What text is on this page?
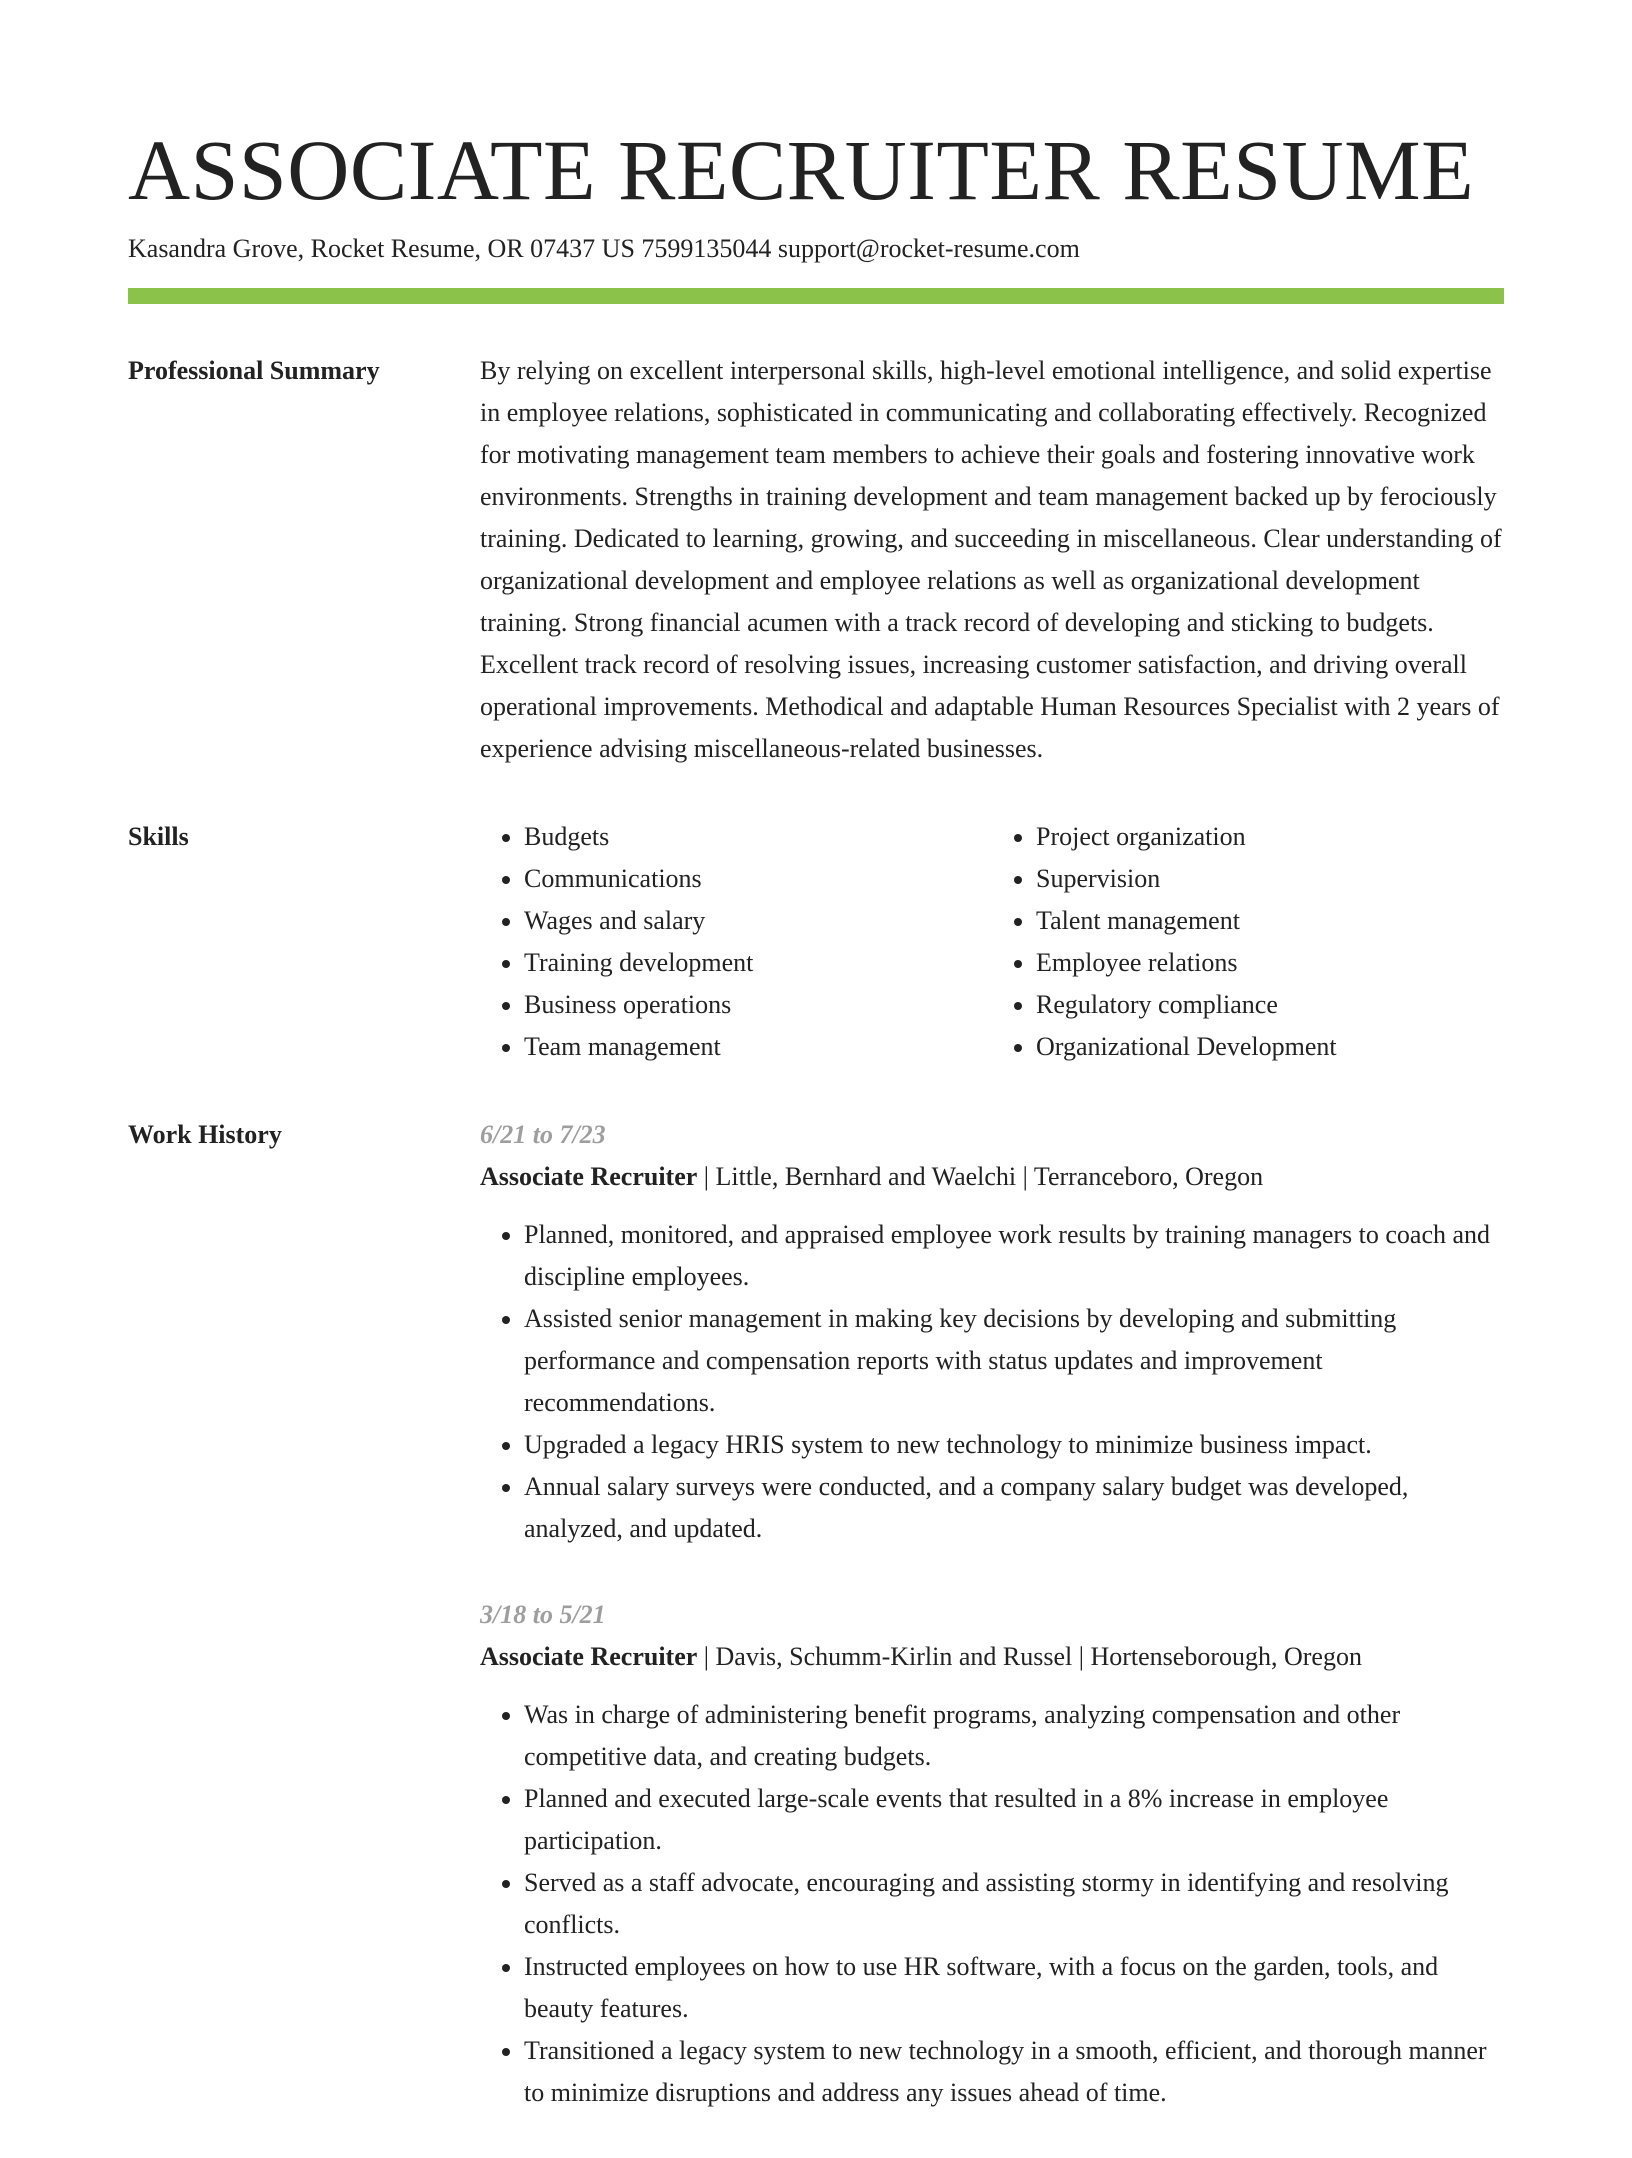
ASSOCIATE RECRUITER RESUME
Kasandra Grove, Rocket Resume, OR 07437 US 7599135044 support@rocket-resume.com
Professional Summary	By relying on excellent interpersonal skills, high-level emotional intelligence, and solid expertise in employee relations, sophisticated in communicating and collaborating effectively. Recognized for motivating management team members to achieve their goals and fostering innovative work environments. Strengths in training development and team management backed up by ferociously training. Dedicated to learning, growing, and succeeding in miscellaneous. Clear understanding of organizational development and employee relations as well as organizational development training. Strong financial acumen with a track record of developing and sticking to budgets. Excellent track record of resolving issues, increasing customer satisfaction, and driving overall operational improvements. Methodical and adaptable Human Resources Specialist with 2 years of experience advising miscellaneous-related businesses.

Skills
•	Budgets
• Communications
• Wages and salary
• Training development
• Business operations
• Team management
• Project organization
• Supervision
• Talent management
• Employee relations
• Regulatory compliance
• Organizational Development
Work History	6/21 to 7/23
Associate Recruiter | Little, Bernhard and Waelchi | Terranceboro, Oregon
• Planned, monitored, and appraised employee work results by training managers to coach and discipline employees.
• Assisted senior management in making key decisions by developing and submitting performance and compensation reports with status updates and improvement recommendations.
• Upgraded a legacy HRIS system to new technology to minimize business impact.
• Annual salary surveys were conducted, and a company salary budget was developed, analyzed, and updated.
3/18 to 5/21
Associate Recruiter | Davis, Schumm-Kirlin and Russel | Hortenseborough, Oregon
• Was in charge of administering benefit programs, analyzing compensation and other competitive data, and creating budgets.
• Planned and executed large-scale events that resulted in a 8% increase in employee participation.
• Served as a staff advocate, encouraging and assisting stormy in identifying and resolving conflicts.
• Instructed employees on how to use HR software, with a focus on the garden, tools, and beauty features.
• Transitioned a legacy system to new technology in a smooth, efficient, and thorough manner to minimize disruptions and address any issues ahead of time.
